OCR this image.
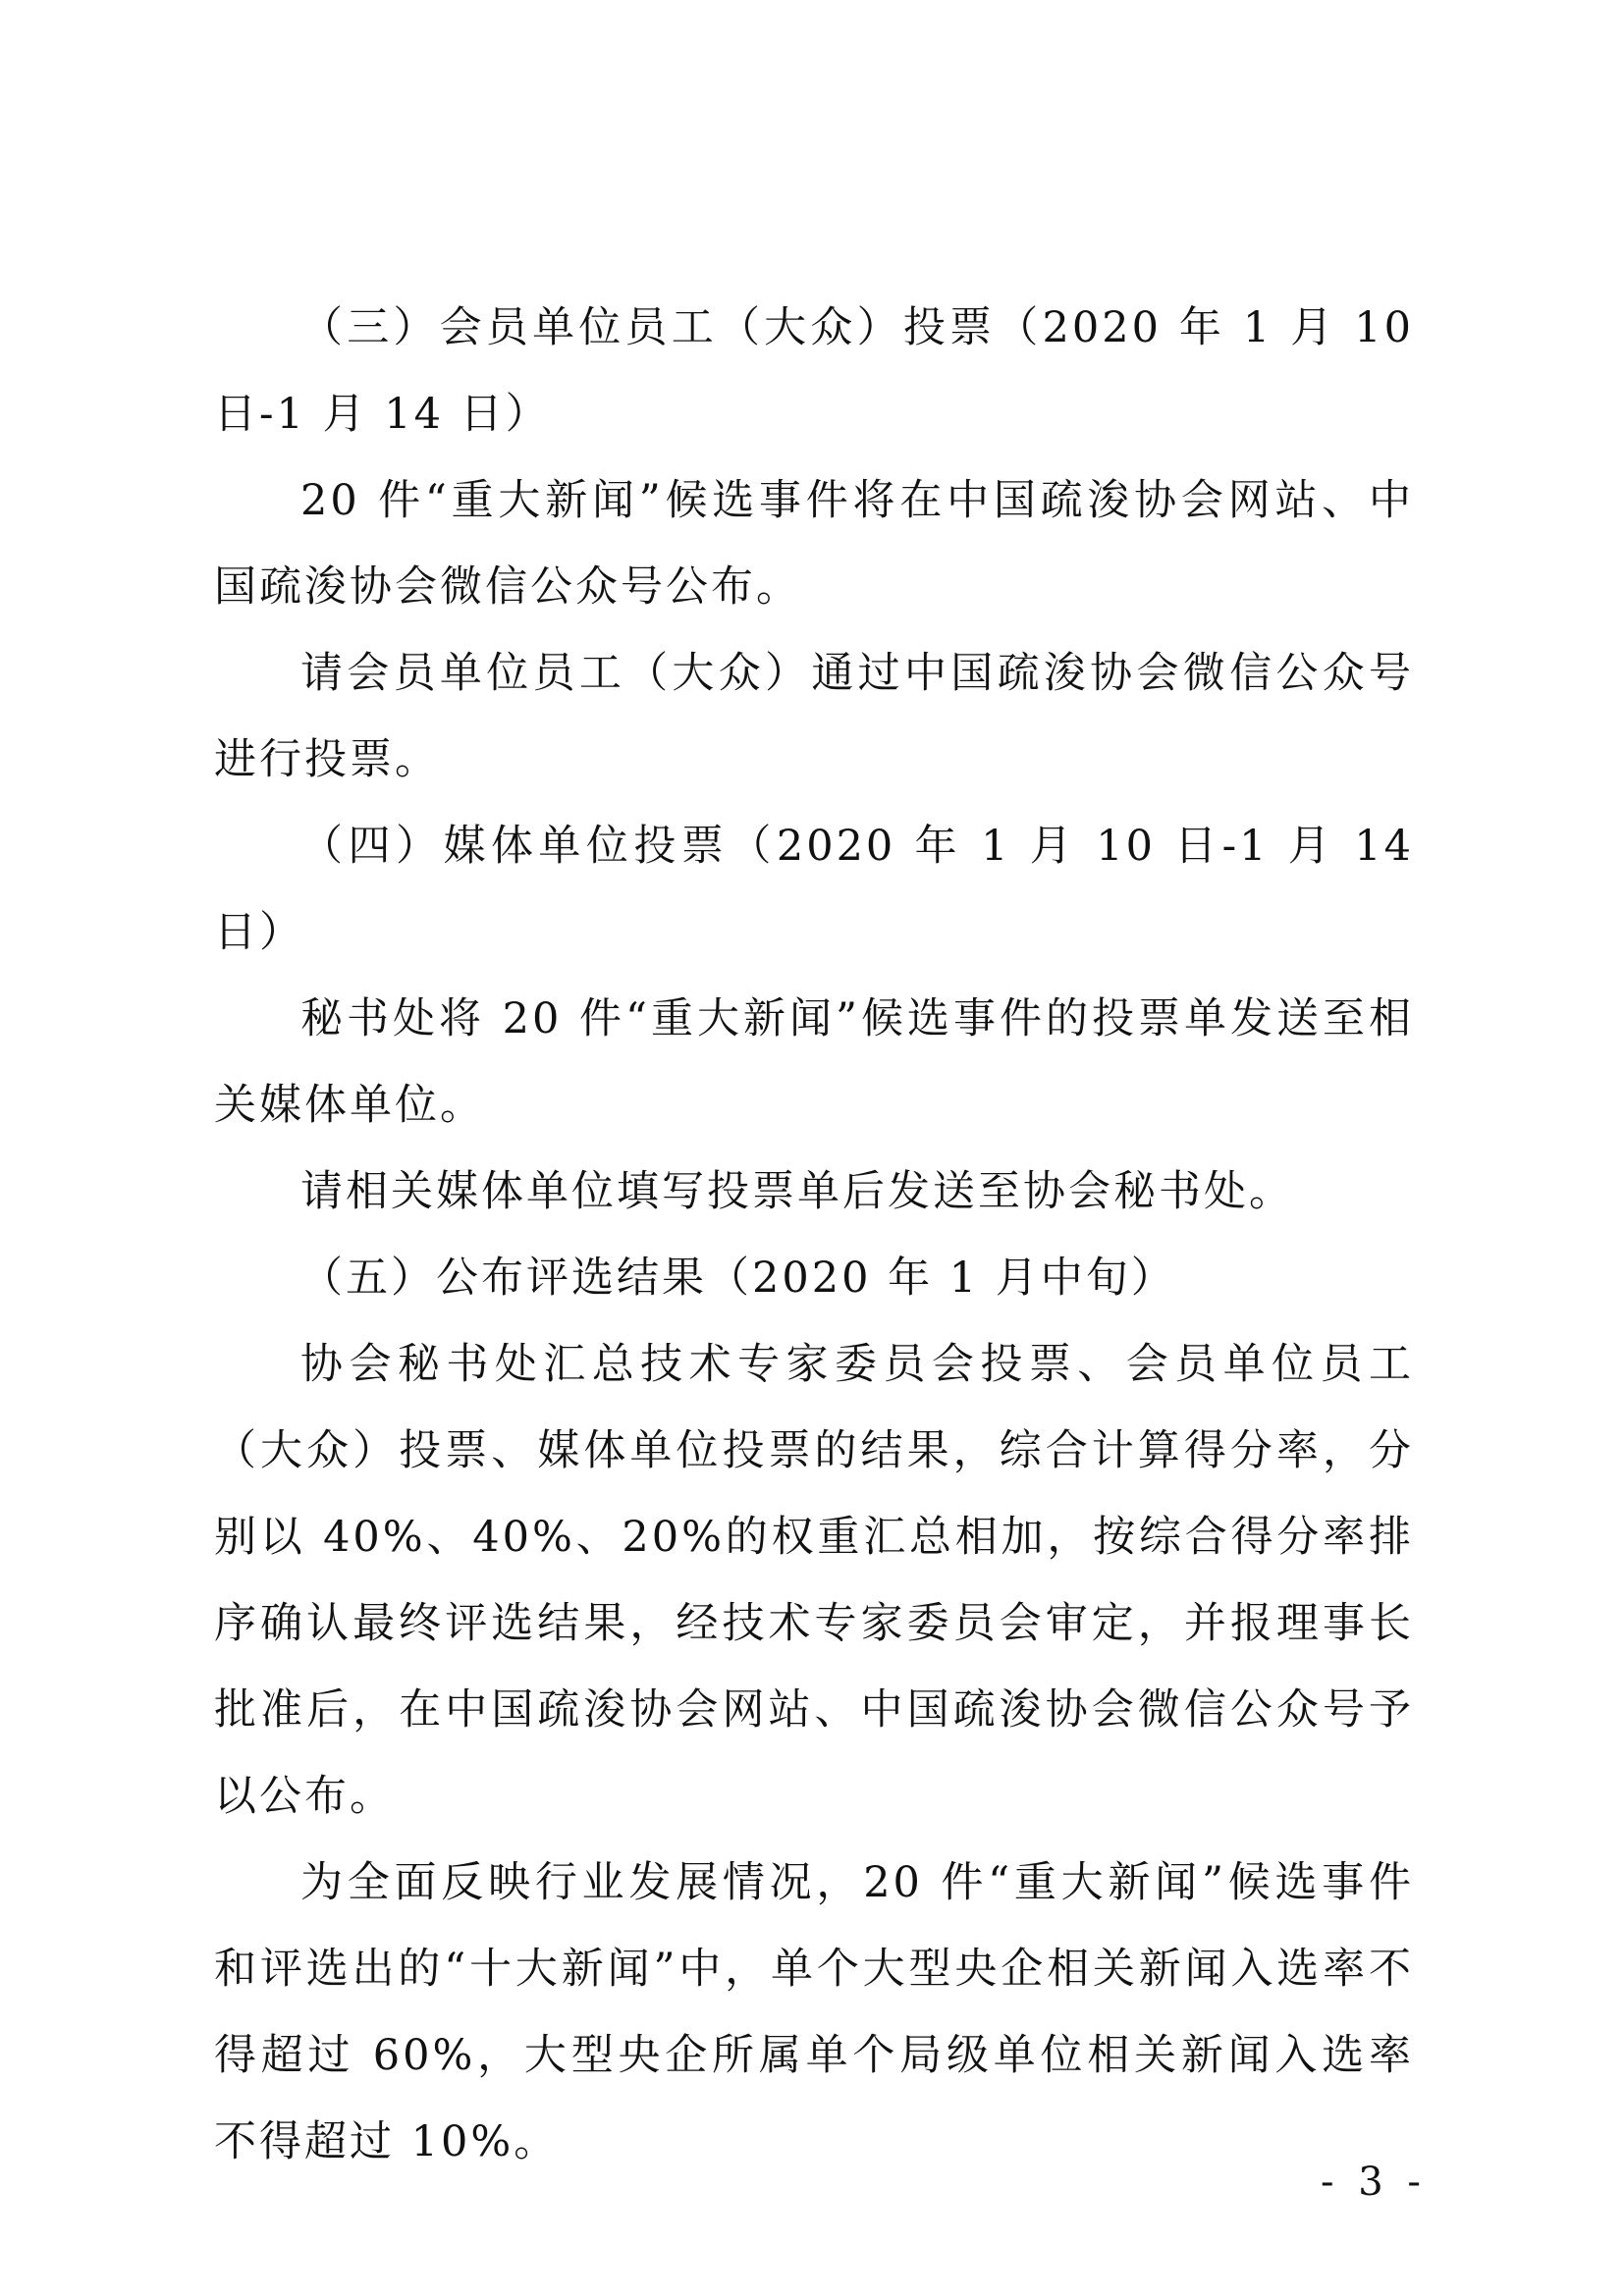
（三）会员单位员工（大众）投票（2020 年 1 月 10 日-1 月 14 日）

20 件“重大新闻”候选事件将在中国疏浚协会网站、中国疏浚协会微信公众号公布。

请会员单位员工（大众）通过中国疏浚协会微信公众号进行投票。

（四）媒体单位投票（2020 年 1 月 10 日-1 月 14 日）

秘书处将 20 件“重大新闻”候选事件的投票单发送至相关媒体单位。

请相关媒体单位填写投票单后发送至协会秘书处。

（五）公布评选结果（2020 年 1 月中旬）

协会秘书处汇总技术专家委员会投票、会员单位员工（大众）投票、媒体单位投票的结果，综合计算得分率，分别以 40%、40%、20%的权重汇总相加，按综合得分率排序确认最终评选结果，经技术专家委员会审定，并报理事长批准后，在中国疏浚协会网站、中国疏浚协会微信公众号予以公布。

为全面反映行业发展情况，20 件“重大新闻”候选事件和评选出的“十大新闻”中，单个大型央企相关新闻入选率不得超过 60%，大型央企所属单个局级单位相关新闻入选率不得超过 10%。

- 3 -
